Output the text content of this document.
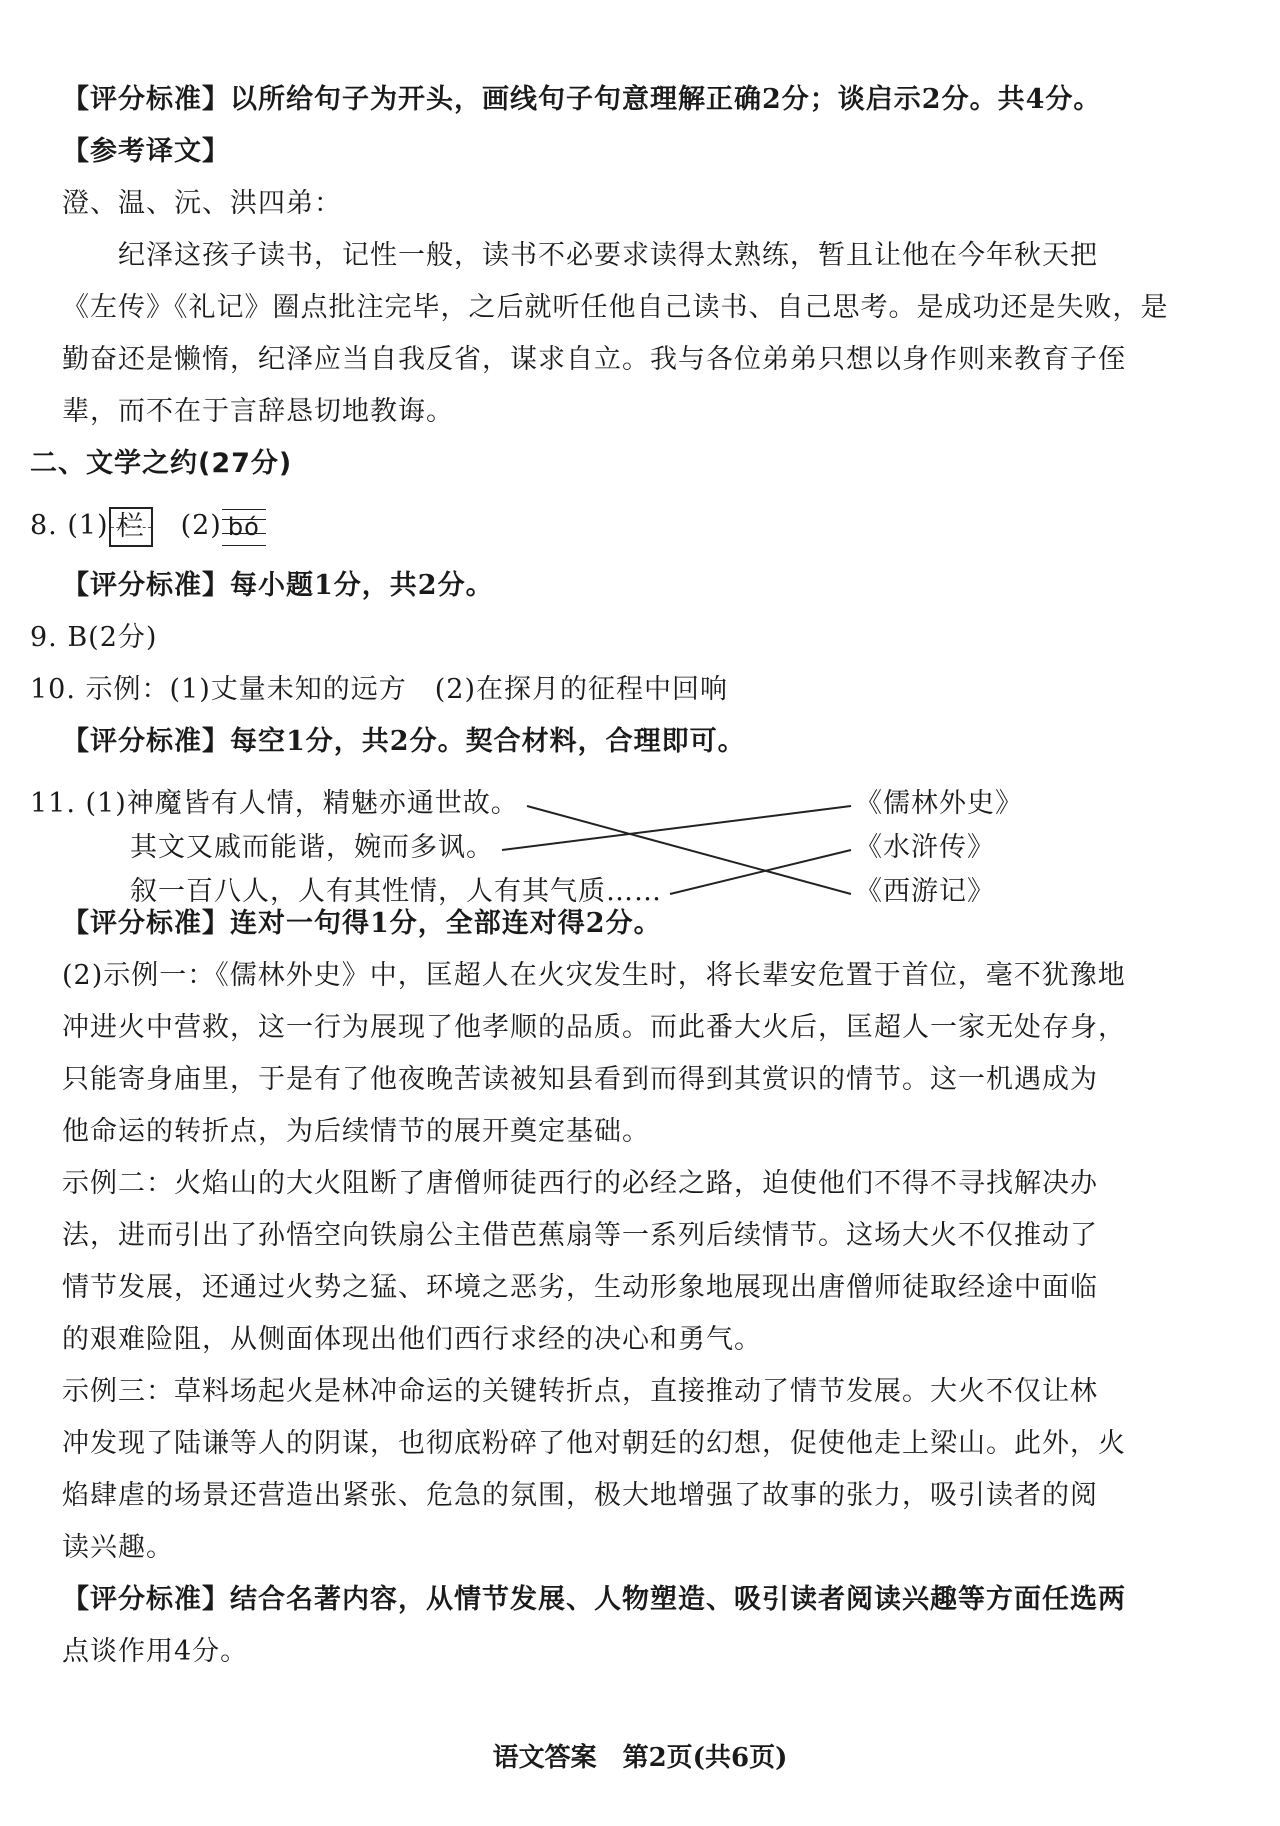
【评分标准】以所给句子为开头，画线句子句意理解正确2分；谈启示2分。共4分。
【参考译文】
澄、温、沅、洪四弟：
纪泽这孩子读书，记性一般，读书不必要求读得太熟练，暂且让他在今年秋天把
《左传》《礼记》圈点批注完毕，之后就听任他自己读书、自己思考。是成功还是失败，是
勤奋还是懒惰，纪泽应当自我反省，谋求自立。我与各位弟弟只想以身作则来教育子侄
辈，而不在于言辞恳切地教诲。
二、文学之约(27分)
【评分标准】每小题1分，共2分。
9. B(2分)
10. 示例：(1)丈量未知的远方　(2)在探月的征程中回响
【评分标准】每空1分，共2分。契合材料，合理即可。
【评分标准】连对一句得1分，全部连对得2分。
(2)示例一：《儒林外史》中，匡超人在火灾发生时，将长辈安危置于首位，毫不犹豫地
冲进火中营救，这一行为展现了他孝顺的品质。而此番大火后，匡超人一家无处存身，
只能寄身庙里，于是有了他夜晚苦读被知县看到而得到其赏识的情节。这一机遇成为
他命运的转折点，为后续情节的展开奠定基础。
示例二：火焰山的大火阻断了唐僧师徒西行的必经之路，迫使他们不得不寻找解决办
法，进而引出了孙悟空向铁扇公主借芭蕉扇等一系列后续情节。这场大火不仅推动了
情节发展，还通过火势之猛、环境之恶劣，生动形象地展现出唐僧师徒取经途中面临
的艰难险阻，从侧面体现出他们西行求经的决心和勇气。
示例三：草料场起火是林冲命运的关键转折点，直接推动了情节发展。大火不仅让林
冲发现了陆谦等人的阴谋，也彻底粉碎了他对朝廷的幻想，促使他走上梁山。此外，火
焰肆虐的场景还营造出紧张、危急的氛围，极大地增强了故事的张力，吸引读者的阅
读兴趣。
【评分标准】结合名著内容，从情节发展、人物塑造、吸引读者阅读兴趣等方面任选两
点谈作用4分。
8. (1) 栏 (2) bó
11. (1)神魔皆有人情，精魅亦通世故。
其文又戚而能谐，婉而多讽。
叙一百八人，人有其性情，人有其气质……
《儒林外史》
《水浒传》
《西游记》
语文答案　第2页(共6页)
